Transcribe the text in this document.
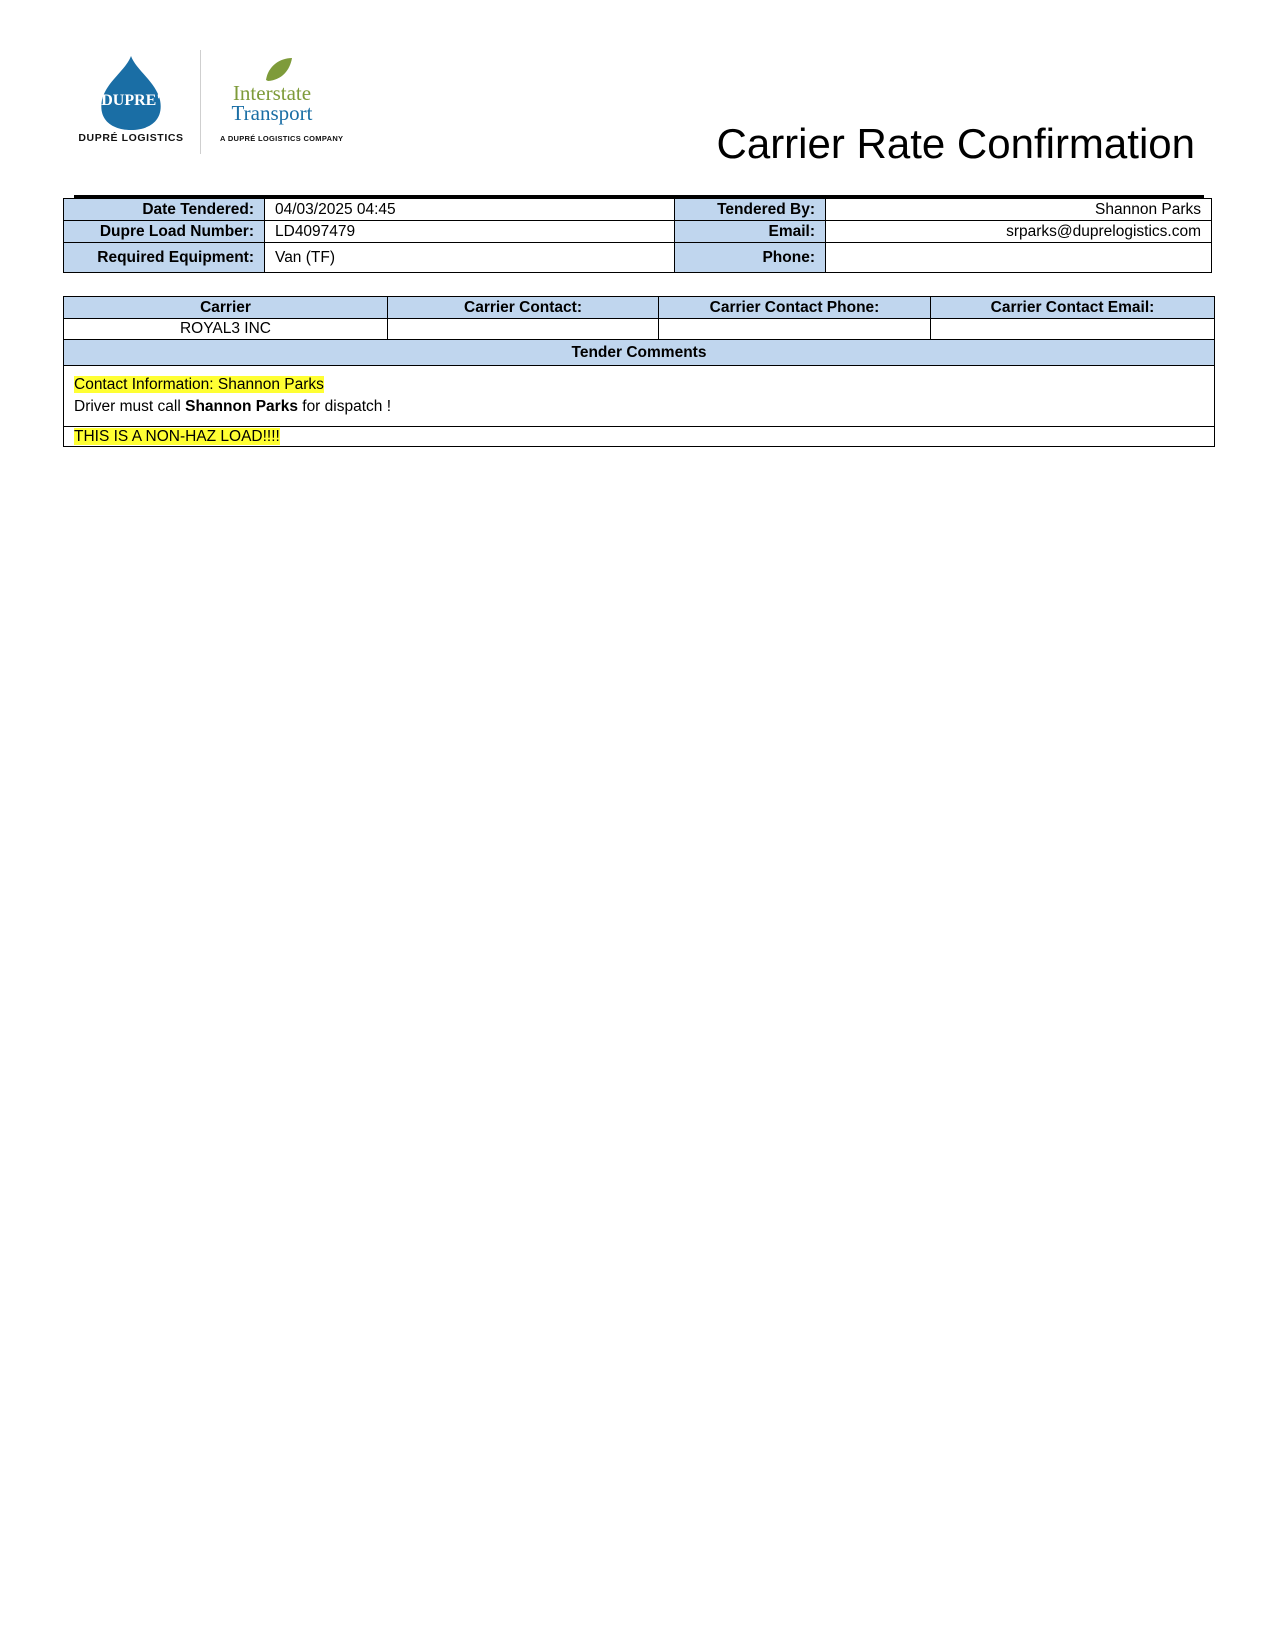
DUPRE'
DUPRÉ LOGISTICS
Interstate
Transport
A DUPRÉ LOGISTICS COMPANY	Carrier Rate Confirmation
Date Tendered:	04/03/2025 04:45	Tendered By:	Shannon Parks
Dupre Load Number:	LD4097479	Email:	srparks@duprelogistics.com
Required Equipment:	Van (TF)	Phone:	
Carrier	Carrier Contact:	Carrier Contact Phone:	Carrier Contact Email:
ROYAL3 INC			
Tender Comments			
Contact Information: Shannon Parks
Driver must call Shannon Parks for dispatch !			
THIS IS A NON-HAZ LOAD!!!!			
